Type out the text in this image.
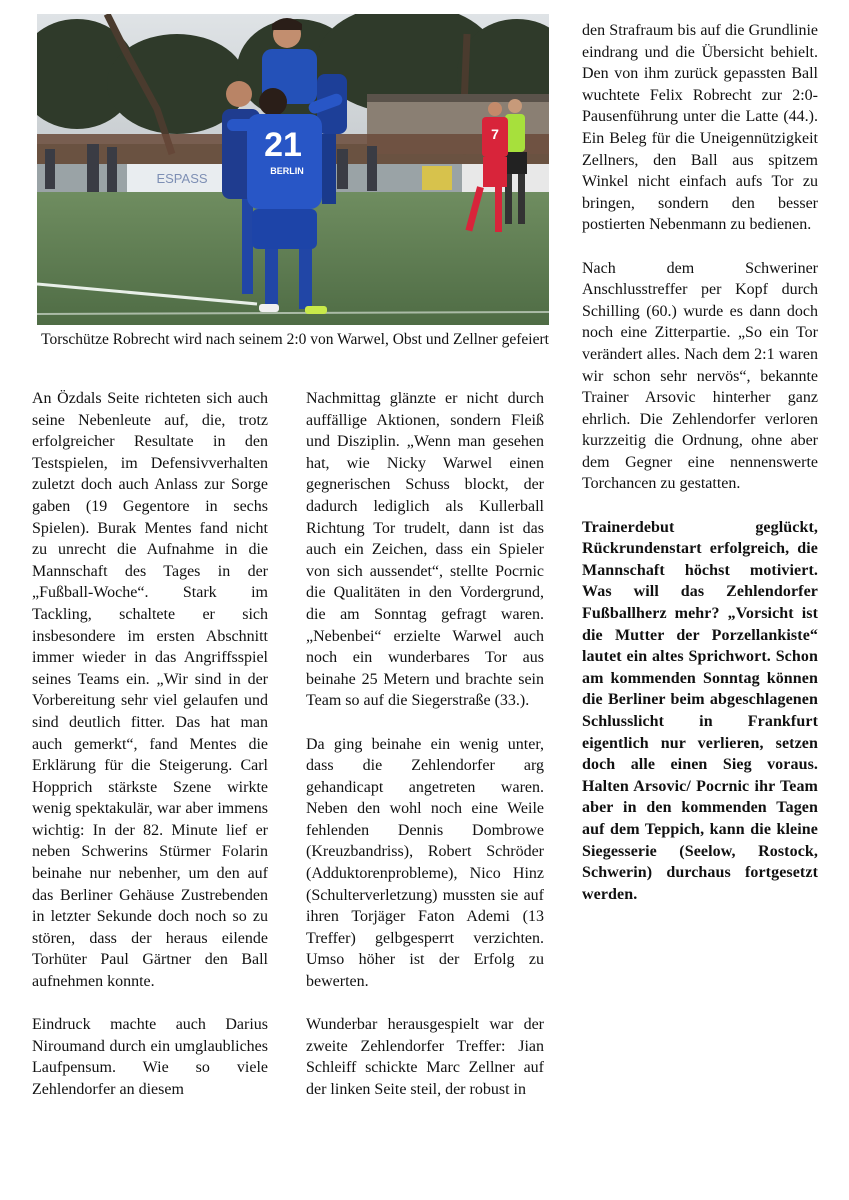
ESPASS
7
21
BERLIN
Torschütze Robrecht wird nach seinem 2:0 von Warwel, Obst und Zellner gefeiert

An Özdals Seite richteten sich auch seine Nebenleute auf, die, trotz erfolgreicher Resultate in den Testspielen, im Defensivverhalten zuletzt doch auch Anlass zur Sorge gaben (19 Gegentore in sechs Spielen). Burak Mentes fand nicht zu unrecht die Aufnahme in die Mannschaft des Tages in der „Fußball-Woche“. Stark im Tackling, schaltete er sich insbesondere im ersten Abschnitt immer wieder in das Angriffsspiel seines Teams ein. „Wir sind in der Vorbereitung sehr viel gelaufen und sind deutlich fitter. Das hat man auch gemerkt“, fand Mentes die Erklärung für die Steigerung. Carl Hopprich stärkste Szene wirkte wenig spektakulär, war aber immens wichtig: In der 82. Minute lief er neben Schwerins Stürmer Folarin beinahe nur nebenher, um den auf das Berliner Gehäuse Zustrebenden in letzter Sekunde doch noch so zu stören, dass der heraus eilende Torhüter Paul Gärtner den Ball aufnehmen konnte.

Eindruck machte auch Darius Niroumand durch ein umglaubliches Laufpensum. Wie so viele Zehlendorfer an diesem

Nachmittag glänzte er nicht durch auffällige Aktionen, sondern Fleiß und Disziplin. „Wenn man gesehen hat, wie Nicky Warwel einen gegnerischen Schuss blockt, der dadurch lediglich als Kullerball Richtung Tor trudelt, dann ist das auch ein Zeichen, dass ein Spieler von sich aussendet“, stellte Pocrnic die Qualitäten in den Vordergrund, die am Sonntag gefragt waren. „Nebenbei“ erzielte Warwel auch noch ein wunderbares Tor aus beinahe 25 Metern und brachte sein Team so auf die Siegerstraße (33.).

Da ging beinahe ein wenig unter, dass die Zehlendorfer arg gehandicapt angetreten waren. Neben den wohl noch eine Weile fehlenden Dennis Dombrowe (Kreuzbandriss), Robert Schröder (Adduktorenprobleme), Nico Hinz (Schulterverletzung) mussten sie auf ihren Torjäger Faton Ademi (13 Treffer) gelbgesperrt verzichten. Umso höher ist der Erfolg zu bewerten.

Wunderbar herausgespielt war der zweite Zehlendorfer Treffer: Jian Schleiff schickte Marc Zellner auf der linken Seite steil, der robust in

den Strafraum bis auf die Grundlinie eindrang und die Übersicht behielt. Den von ihm zurück gepassten Ball wuchtete Felix Robrecht zur 2:0-Pausenführung unter die Latte (44.). Ein Beleg für die Uneigennützigkeit Zellners, den Ball aus spitzem Winkel nicht einfach aufs Tor zu bringen, sondern den besser postierten Nebenmann zu bedienen.

Nach dem Schweriner Anschlusstreffer per Kopf durch Schilling (60.) wurde es dann doch noch eine Zitterpartie. „So ein Tor verändert alles. Nach dem 2:1 waren wir schon sehr nervös“, bekannte Trainer Arsovic hinterher ganz ehrlich. Die Zehlendorfer verloren kurzzeitig die Ordnung, ohne aber dem Gegner eine nennenswerte Torchancen zu gestatten.

Trainerdebut geglückt, Rückrundenstart erfolgreich, die Mannschaft höchst motiviert. Was will das Zehlendorfer Fußballherz mehr? „Vorsicht ist die Mutter der Porzellankiste“ lautet ein altes Sprichwort. Schon am kommenden Sonntag können die Berliner beim abgeschlagenen Schlusslicht in Frankfurt eigentlich nur verlieren, setzen doch alle einen Sieg voraus. Halten Arsovic/ Pocrnic ihr Team aber in den kommenden Tagen auf dem Teppich, kann die kleine Siegesserie (Seelow, Rostock, Schwerin) durchaus fortgesetzt werden.
